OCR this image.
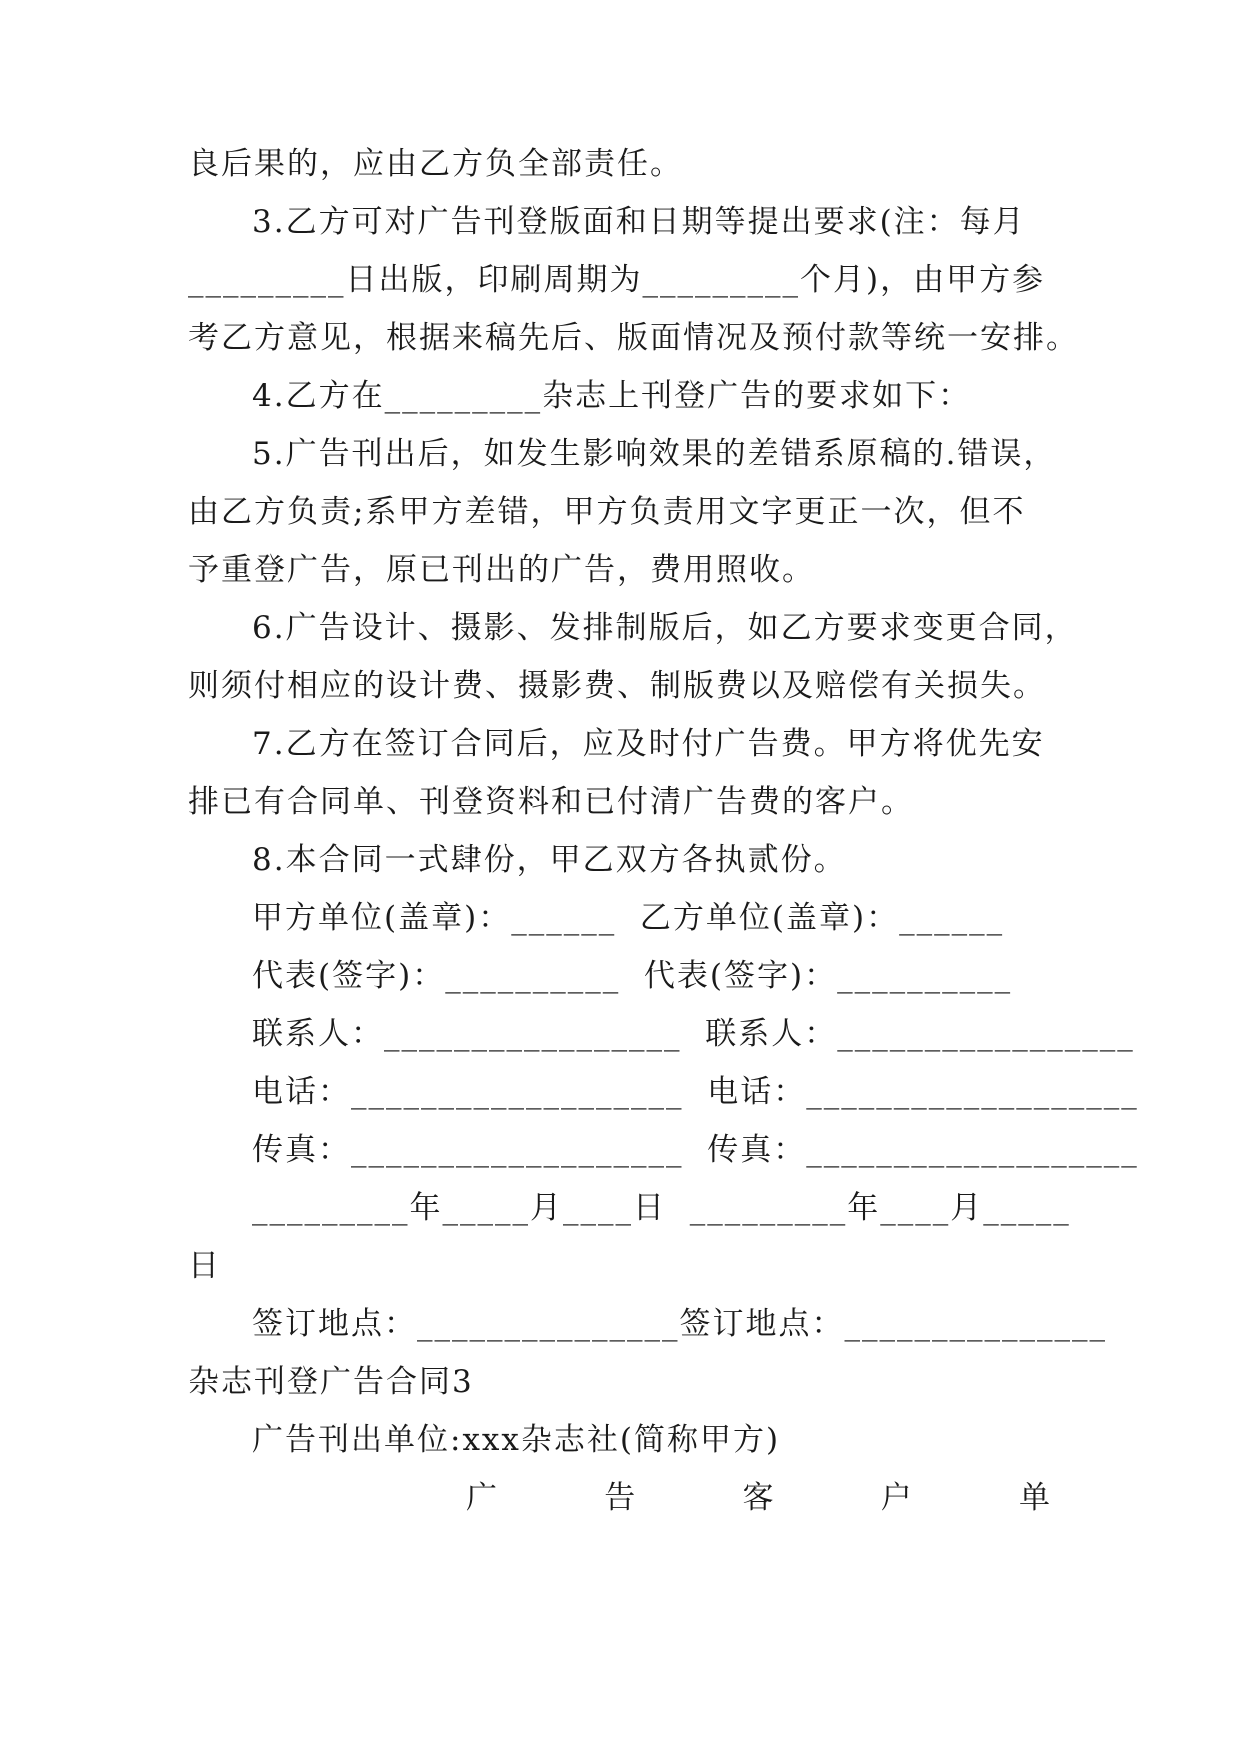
良后果的，应由乙方负全部责任。
3.乙方可对广告刊登版面和日期等提出要求(注：每月
_________日出版，印刷周期为_________个月)，由甲方参
考乙方意见，根据来稿先后、版面情况及预付款等统一安排。
4.乙方在_________杂志上刊登广告的要求如下：
5.广告刊出后，如发生影响效果的差错系原稿的.错误，
由乙方负责;系甲方差错，甲方负责用文字更正一次，但不
予重登广告，原已刊出的广告，费用照收。
6.广告设计、摄影、发排制版后，如乙方要求变更合同，
则须付相应的设计费、摄影费、制版费以及赔偿有关损失。
7.乙方在签订合同后，应及时付广告费。甲方将优先安
排已有合同单、刊登资料和已付清广告费的客户。
8.本合同一式肆份，甲乙双方各执贰份。
甲方单位(盖章)：______  乙方单位(盖章)：______
代表(签字)：__________  代表(签字)：__________
联系人：_________________  联系人：_________________
电话：___________________  电话：___________________
传真：___________________  传真：___________________
_________年_____月____日  _________年____月_____
日
签订地点：_______________签订地点：_______________
杂志刊登广告合同3
广告刊出单位:xxx杂志社(简称甲方)
广	告	客	户	单
